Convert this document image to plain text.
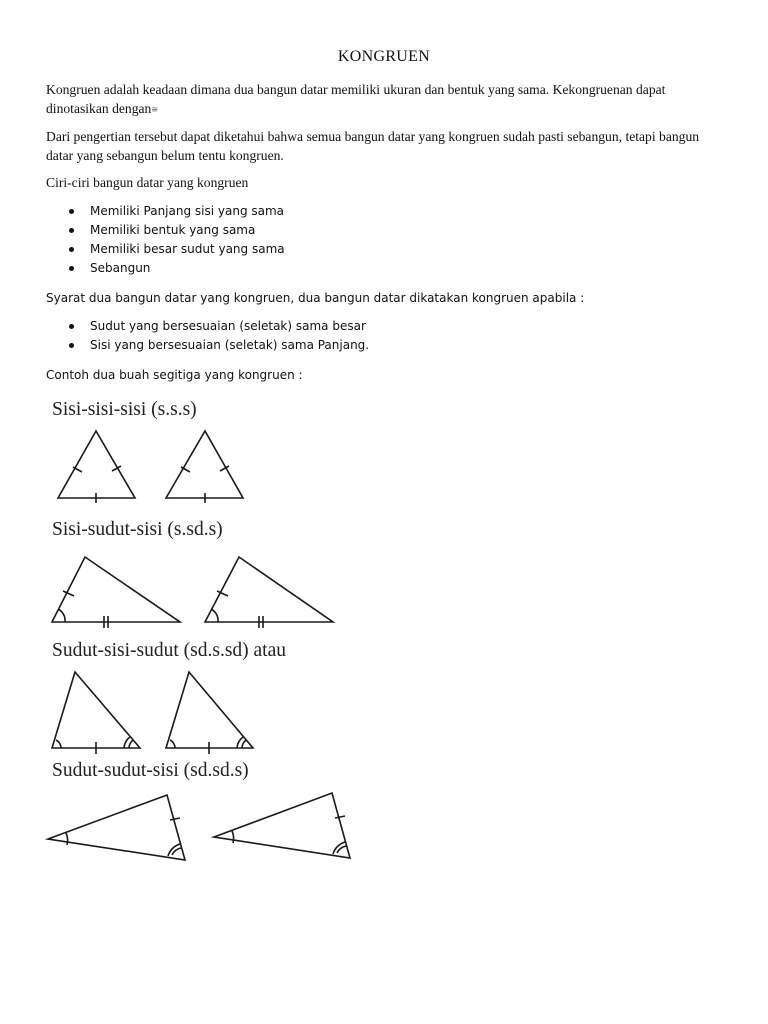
KONGRUEN
Kongruen adalah keadaan dimana dua bangun datar memiliki ukuran dan bentuk yang sama. Kekongruenan dapat dinotasikan dengan≅
Dari pengertian tersebut dapat diketahui bahwa semua bangun datar yang kongruen sudah pasti sebangun, tetapi bangun datar yang sebangun belum tentu kongruen.
Ciri-ciri bangun datar yang kongruen
Memiliki Panjang sisi yang sama
Memiliki bentuk yang sama
Memiliki besar sudut yang sama
Sebangun
Syarat dua bangun datar yang kongruen, dua bangun datar dikatakan kongruen apabila :
Sudut yang bersesuaian (seletak) sama besar
Sisi yang bersesuaian (seletak) sama Panjang.
Contoh dua buah segitiga yang kongruen :
Sisi-sisi-sisi (s.s.s)
Sisi-sudut-sisi (s.sd.s)
Sudut-sisi-sudut (sd.s.sd) atau
Sudut-sudut-sisi (sd.sd.s)
